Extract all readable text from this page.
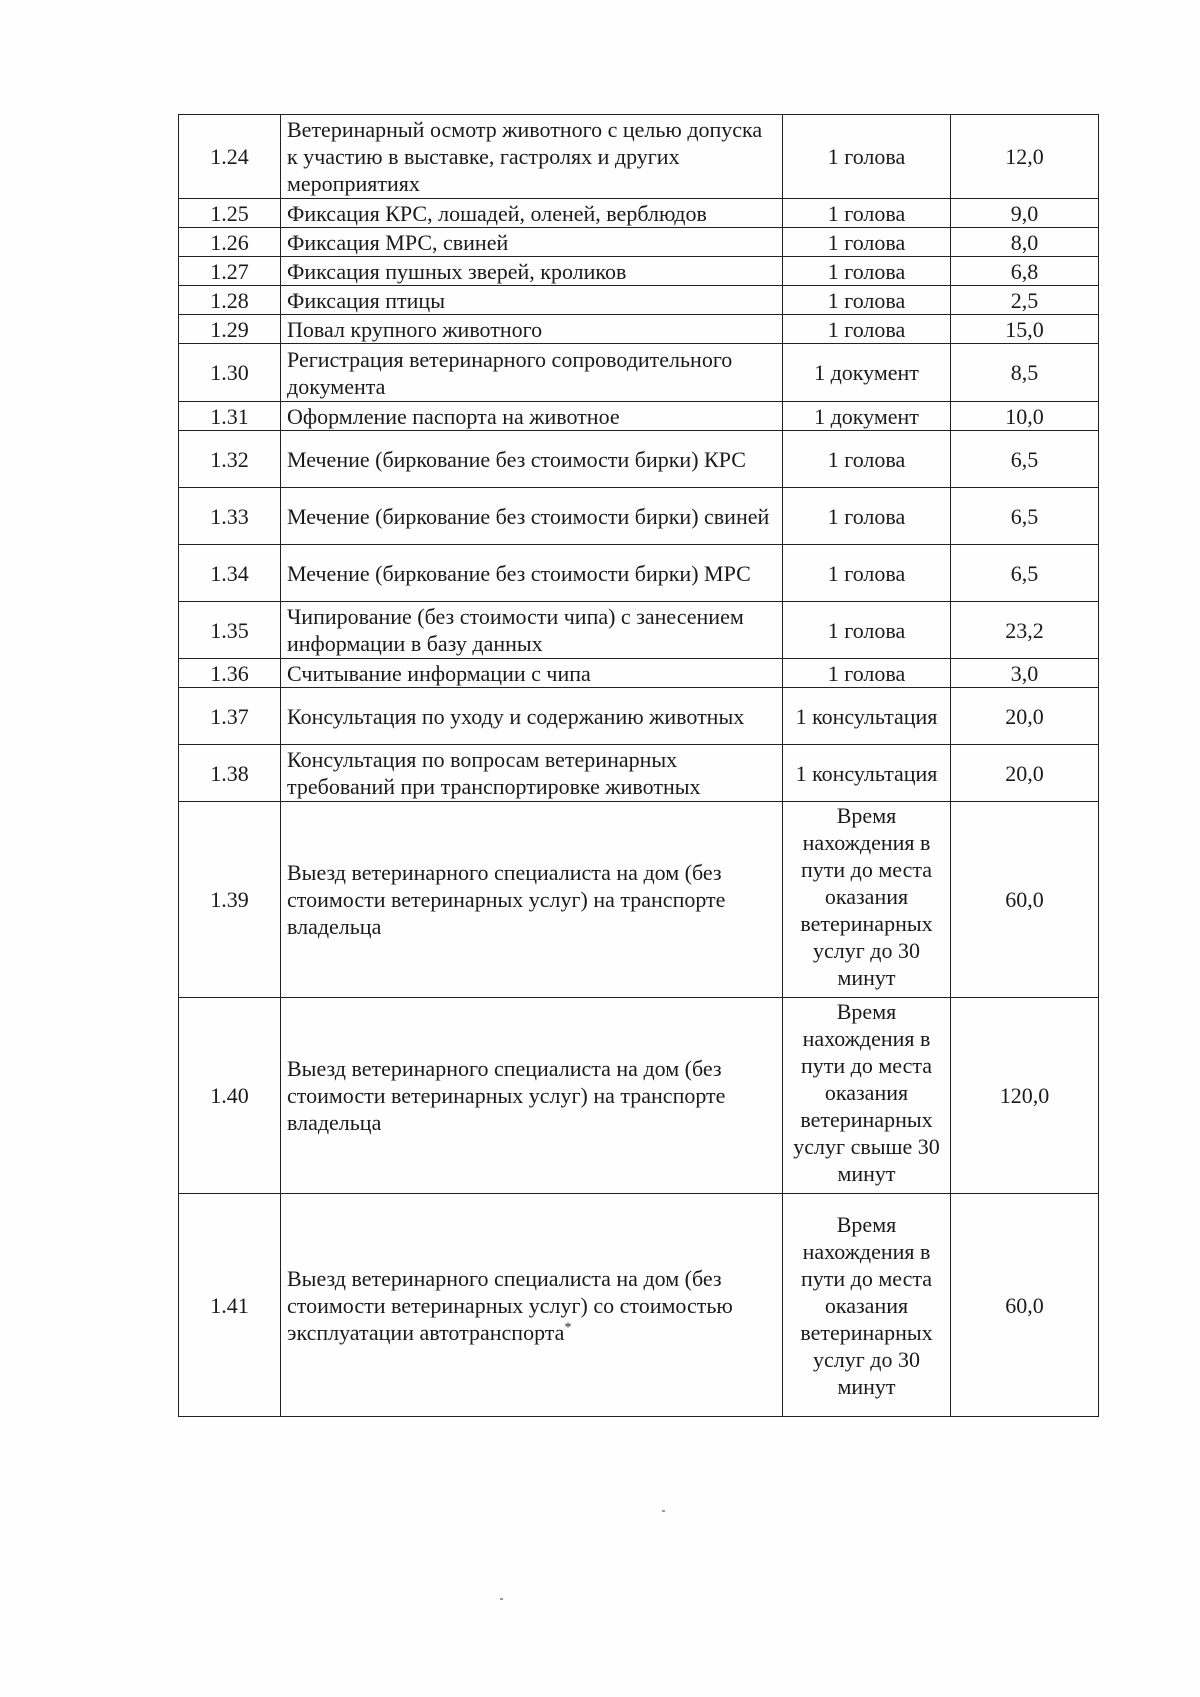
1.24	Ветеринарный осмотр животного с целью допуска к участию в выставке, гастролях и других мероприятиях	1 голова	12,0
1.25	Фиксация КРС, лошадей, оленей, верблюдов	1 голова	9,0
1.26	Фиксация МРС, свиней	1 голова	8,0
1.27	Фиксация пушных зверей, кроликов	1 голова	6,8
1.28	Фиксация птицы	1 голова	2,5
1.29	Повал крупного животного	1 голова	15,0
1.30	Регистрация ветеринарного сопроводительного документа	1 документ	8,5
1.31	Оформление паспорта на животное	1 документ	10,0
1.32	Мечение (биркование без стоимости бирки) КРС	1 голова	6,5
1.33	Мечение (биркование без стоимости бирки) свиней	1 голова	6,5
1.34	Мечение (биркование без стоимости бирки) МРС	1 голова	6,5
1.35	Чипирование (без стоимости чипа) с занесением информации в базу данных	1 голова	23,2
1.36	Считывание информации с чипа	1 голова	3,0
1.37	Консультация по уходу и содержанию животных	1 консультация	20,0
1.38	Консультация по вопросам ветеринарных требований при транспортировке животных	1 консультация	20,0
1.39	Выезд ветеринарного специалиста на дом (без стоимости ветеринарных услуг) на транспорте владельца	Время нахождения в пути до места оказания ветеринарных услуг до 30 минут	60,0
1.40	Выезд ветеринарного специалиста на дом (без стоимости ветеринарных услуг) на транспорте владельца	Время нахождения в пути до места оказания ветеринарных услуг свыше 30 минут	120,0
1.41	Выезд ветеринарного специалиста на дом (без стоимости ветеринарных услуг) со стоимостью эксплуатации автотранспорта*	Время нахождения в пути до места оказания ветеринарных услуг до 30 минут	60,0
